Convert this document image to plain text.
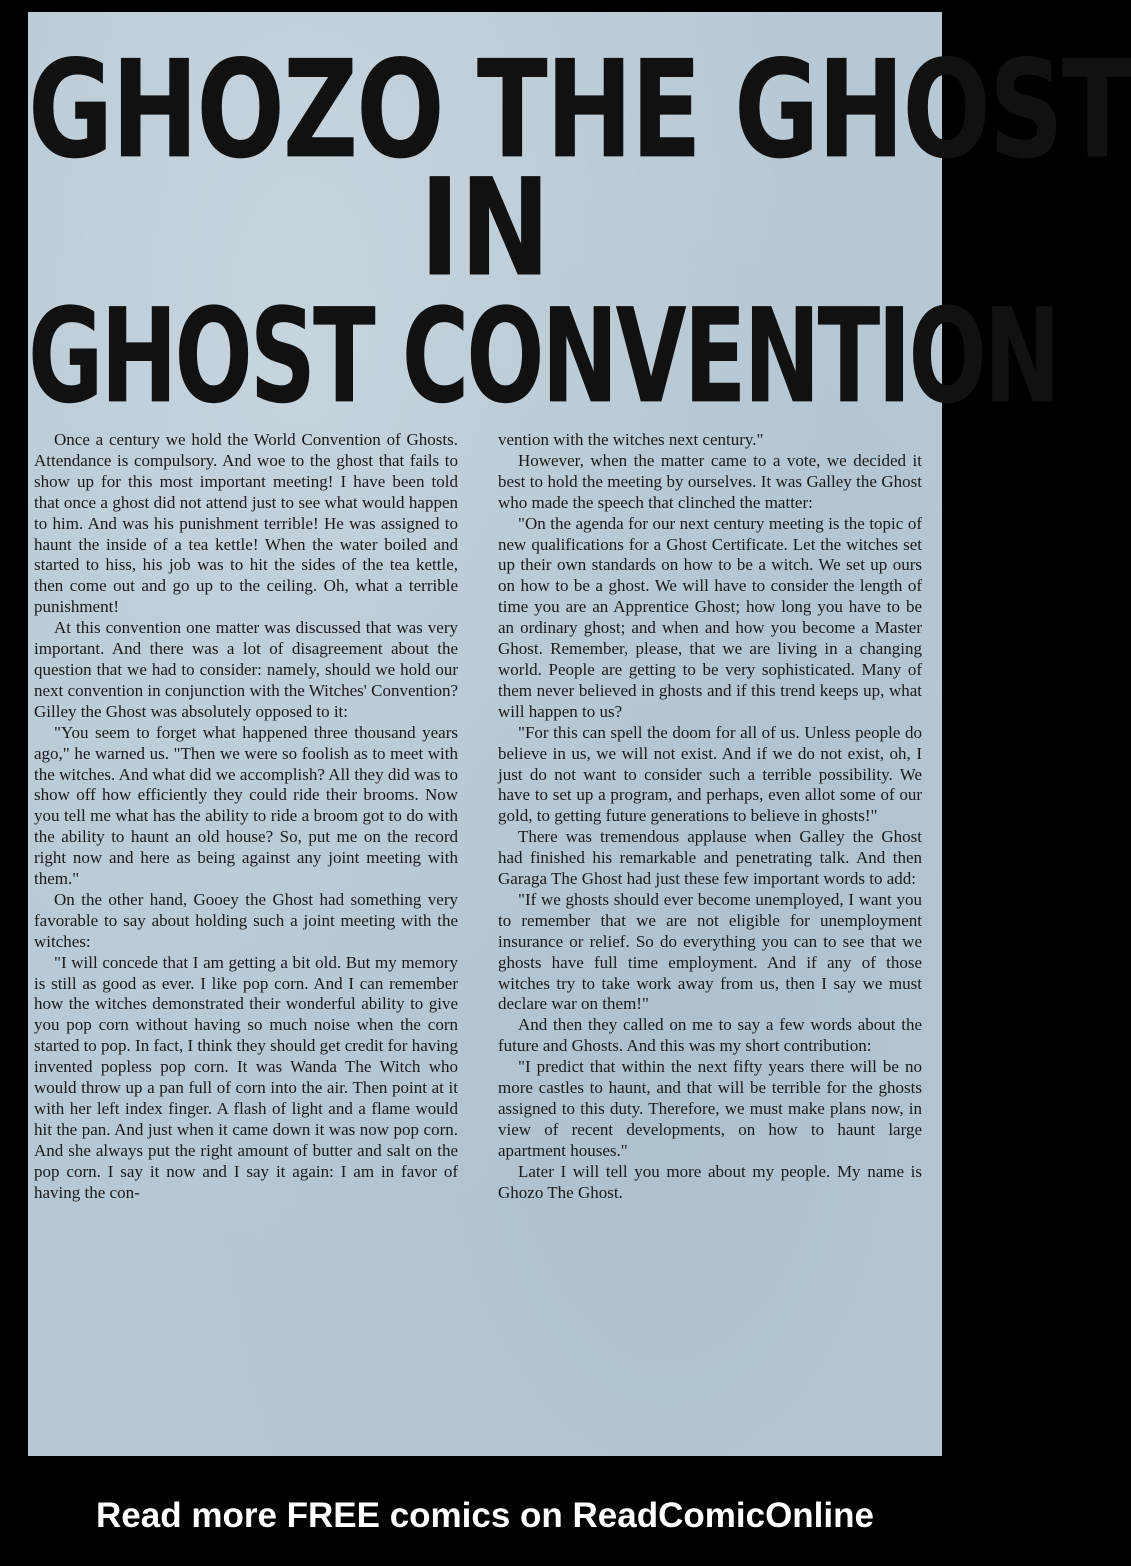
GHOZO THE GHOST
IN
GHOST CONVENTION

Once a century we hold the World Convention of Ghosts. Attendance is compulsory. And woe to the ghost that fails to show up for this most important meeting! I have been told that once a ghost did not attend just to see what would happen to him. And was his punishment terrible! He was assigned to haunt the inside of a tea kettle! When the water boiled and started to hiss, his job was to hit the sides of the tea kettle, then come out and go up to the ceiling. Oh, what a terrible punishment!

At this convention one matter was discussed that was very important. And there was a lot of disagreement about the question that we had to consider: namely, should we hold our next convention in conjunction with the Witches' Convention? Gilley the Ghost was absolutely opposed to it:

"You seem to forget what happened three thousand years ago," he warned us. "Then we were so foolish as to meet with the witches. And what did we accomplish? All they did was to show off how efficiently they could ride their brooms. Now you tell me what has the ability to ride a broom got to do with the ability to haunt an old house? So, put me on the record right now and here as being against any joint meeting with them."

On the other hand, Gooey the Ghost had something very favorable to say about holding such a joint meeting with the witches:

"I will concede that I am getting a bit old. But my memory is still as good as ever. I like pop corn. And I can remember how the witches demonstrated their wonderful ability to give you pop corn without having so much noise when the corn started to pop. In fact, I think they should get credit for having invented popless pop corn. It was Wanda The Witch who would throw up a pan full of corn into the air. Then point at it with her left index finger. A flash of light and a flame would hit the pan. And just when it came down it was now pop corn. And she always put the right amount of butter and salt on the pop corn. I say it now and I say it again: I am in favor of having the con-

vention with the witches next century."

However, when the matter came to a vote, we decided it best to hold the meeting by ourselves. It was Galley the Ghost who made the speech that clinched the matter:

"On the agenda for our next century meeting is the topic of new qualifications for a Ghost Certificate. Let the witches set up their own standards on how to be a witch. We set up ours on how to be a ghost. We will have to consider the length of time you are an Apprentice Ghost; how long you have to be an ordinary ghost; and when and how you become a Master Ghost. Remember, please, that we are living in a changing world. People are getting to be very sophisticated. Many of them never believed in ghosts and if this trend keeps up, what will happen to us?

"For this can spell the doom for all of us. Unless people do believe in us, we will not exist. And if we do not exist, oh, I just do not want to consider such a terrible possibility. We have to set up a program, and perhaps, even allot some of our gold, to getting future generations to believe in ghosts!"

There was tremendous applause when Galley the Ghost had finished his remarkable and penetrating talk. And then Garaga The Ghost had just these few important words to add:

"If we ghosts should ever become unemployed, I want you to remember that we are not eligible for unemployment insurance or relief. So do everything you can to see that we ghosts have full time employment. And if any of those witches try to take work away from us, then I say we must declare war on them!"

And then they called on me to say a few words about the future and Ghosts. And this was my short contribution:

"I predict that within the next fifty years there will be no more castles to haunt, and that will be terrible for the ghosts assigned to this duty. Therefore, we must make plans now, in view of recent developments, on how to haunt large apartment houses."

Later I will tell you more about my people. My name is Ghozo The Ghost.

Read more FREE comics on ReadComicOnline
